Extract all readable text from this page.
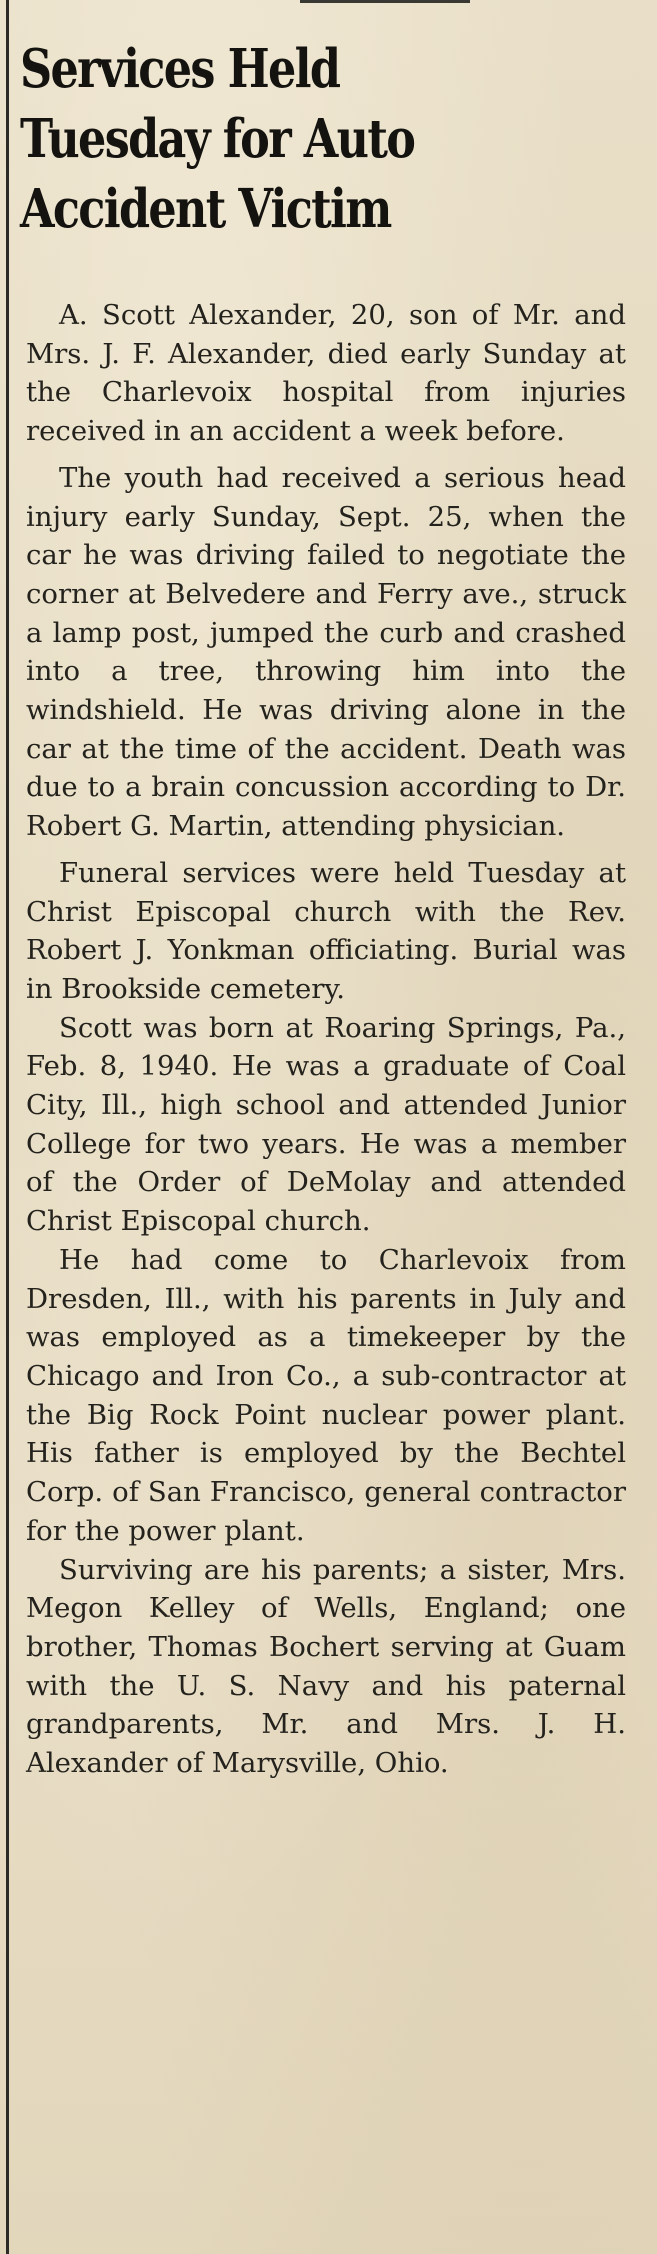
Services Held
Tuesday for Auto
Accident Victim

A. Scott Alexander, 20, son of Mr. and Mrs. J. F. Alexander, died early Sunday at the Charlevoix hospital from injuries received in an accident a week before.

The youth had received a serious head injury early Sunday, Sept. 25, when the car he was driving failed to negotiate the corner at Belvedere and Ferry ave., struck a lamp post, jumped the curb and crashed into a tree, throwing him into the windshield. He was driving alone in the car at the time of the accident. Death was due to a brain concussion according to Dr. Robert G. Martin, attending physician.

Funeral services were held Tuesday at Christ Episcopal church with the Rev. Robert J. Yonkman officiating. Burial was in Brookside cemetery.

Scott was born at Roaring Springs, Pa., Feb. 8, 1940. He was a graduate of Coal City, Ill., high school and attended Junior College for two years. He was a member of the Order of DeMolay and attended Christ Episcopal church.

He had come to Charlevoix from Dresden, Ill., with his parents in July and was employed as a timekeeper by the Chicago and Iron Co., a sub-contractor at the Big Rock Point nuclear power plant. His father is employed by the Bechtel Corp. of San Francisco, general contractor for the power plant.

Surviving are his parents; a sister, Mrs. Megon Kelley of Wells, England; one brother, Thomas Bochert serving at Guam with the U. S. Navy and his paternal grandparents, Mr. and Mrs. J. H. Alexander of Marysville, Ohio.
